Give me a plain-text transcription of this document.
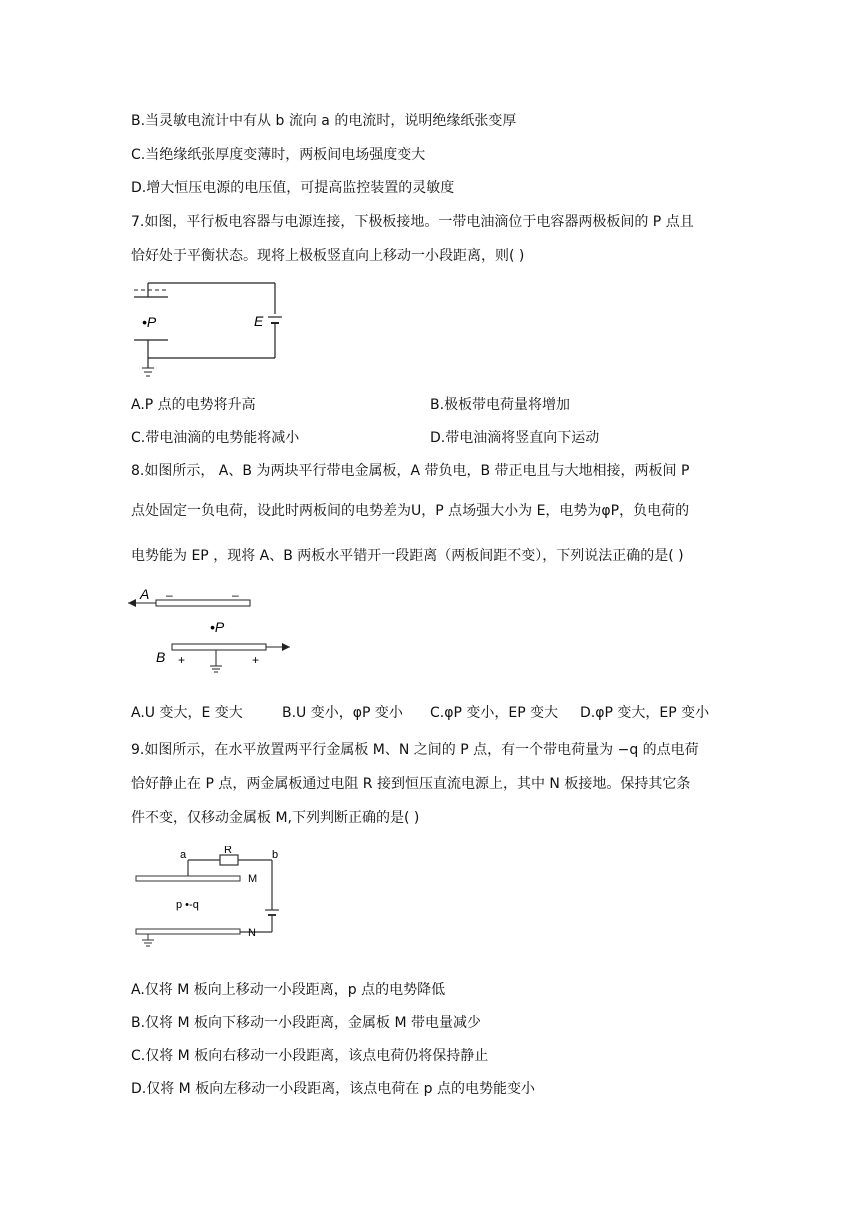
B.当灵敏电流计中有从 b 流向 a 的电流时，说明绝缘纸张变厚
C.当绝缘纸张厚度变薄时，两板间电场强度变大
D.增大恒压电源的电压值，可提高监控装置的灵敏度
7.如图，平行板电容器与电源连接，下极板接地。一带电油滴位于电容器两极板间的 P 点且
恰好处于平衡状态。现将上极板竖直向上移动一小段距离，则( )
•P	E
A.P 点的电势将升高	B.极板带电荷量将增加
C.带电油滴的电势能将减小	D.带电油滴将竖直向下运动
8.如图所示， A、B 为两块平行带电金属板，A 带负电，B 带正电且与大地相接，两板间 P
点处固定一负电荷，设此时两板间的电势差为U，P 点场强大小为 E，电势为φP，负电荷的
电势能为 EP ，现将 A、B 两板水平错开一段距离（两板间距不变），下列说法正确的是( )
A –	–
•P
B +	+
A.U 变大，E 变大	B.U 变小，φP 变小 C.φP 变小，EP 变大 D.φP 变大，EP 变小
9.如图所示，在水平放置两平行金属板 M、N 之间的 P 点，有一个带电荷量为 −q 的点电荷
恰好静止在 P 点，两金属板通过电阻 R 接到恒压直流电源上，其中 N 板接地。保持其它条
件不变，仅移动金属板 M,下列判断正确的是( )
a	R	b
M
N
p •-q
A.仅将 M 板向上移动一小段距离，p 点的电势降低
B.仅将 M 板向下移动一小段距离，金属板 M 带电量减少
C.仅将 M 板向右移动一小段距离，该点电荷仍将保持静止
D.仅将 M 板向左移动一小段距离，该点电荷在 p 点的电势能变小
